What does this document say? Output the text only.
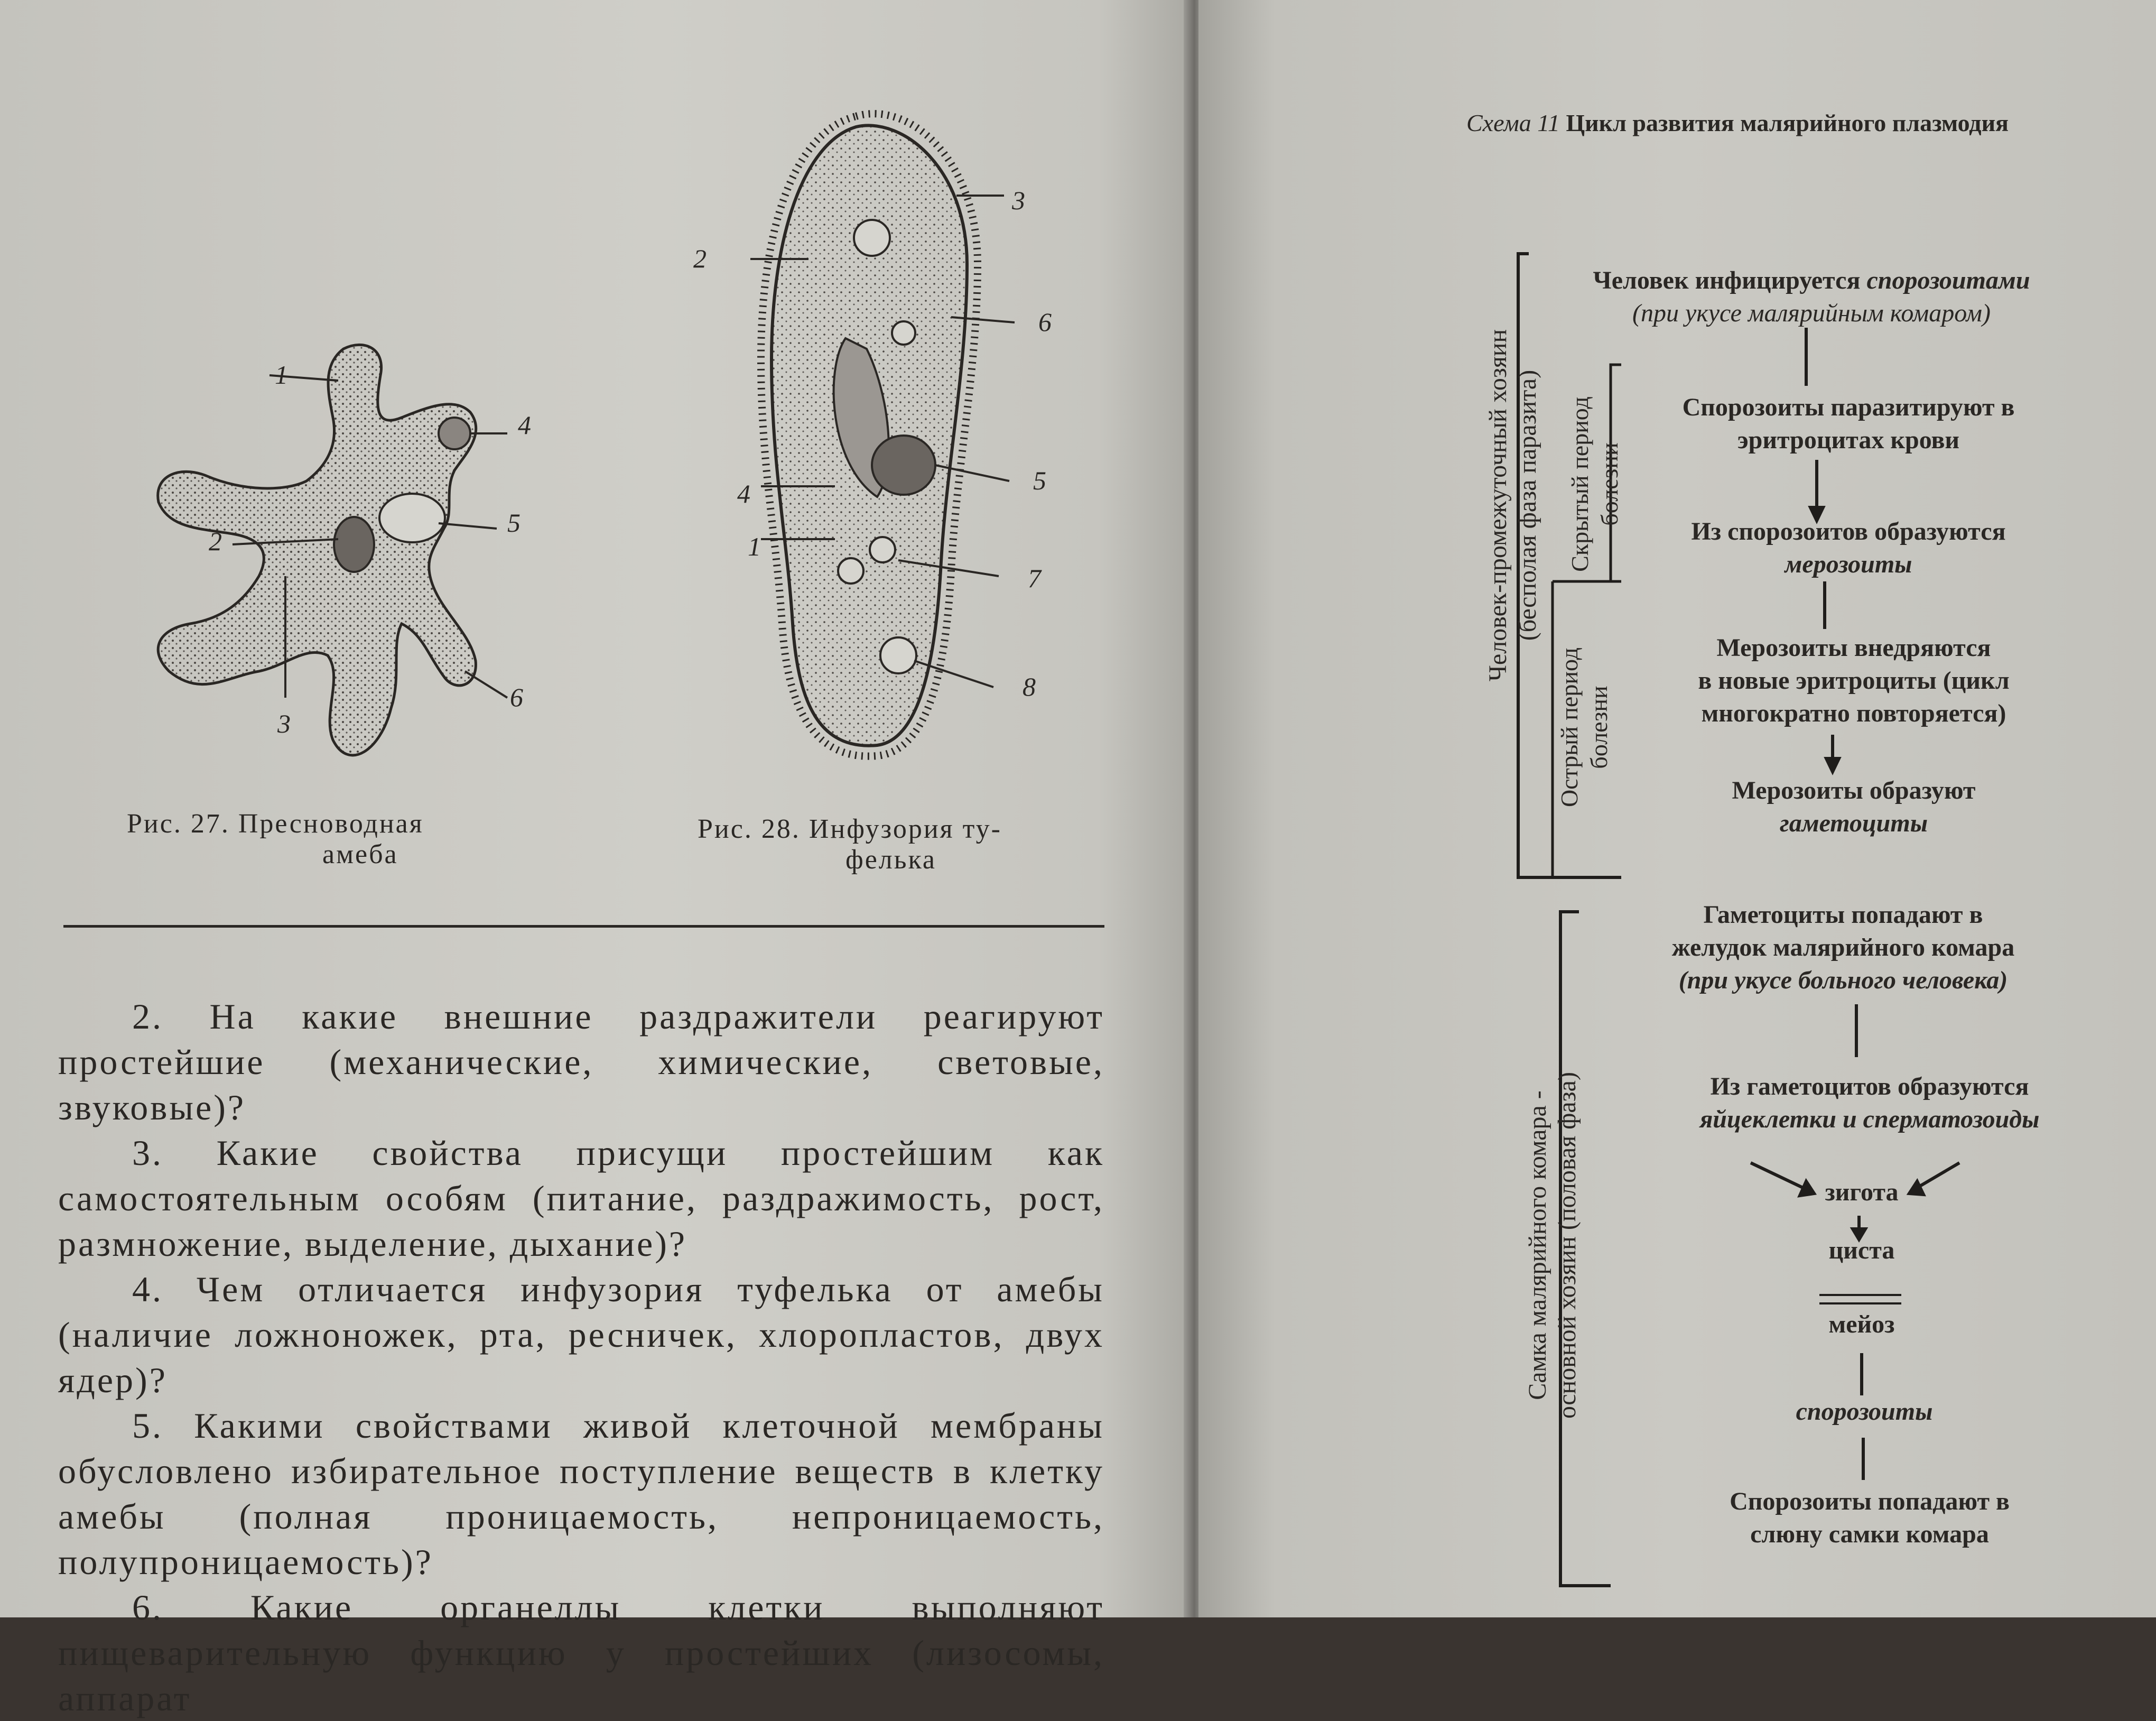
1
2
3
4
5
6
Рис. 27. Пресноводная
амеба
2
3
6
4	5
1
7
8
Рис. 28. Инфузория ту-
фелька

2. На какие внешние раздражители реагируют простейшие (механические, химические, световые, звуковые)?

3. Какие свойства присущи простейшим как самостоятельным особям (питание, раздражимость, рост, размножение, выделение, дыхание)?

4. Чем отличается инфузория туфелька от амебы (наличие ложноножек, рта, ресничек, хлоропластов, двух ядер)?

5. Какими свойствами живой клеточной мембраны обусловлено избирательное поступление веществ в клетку амебы (полная проницаемость, непроницаемость, полупроницаемость)?

6. Какие органеллы клетки выполняют пищеварительную функцию у простейших (лизосомы, аппарат

Схема 11 Цикл развития малярийного плазмодия
Человек-промежуточный хозяин (бесполая фаза паразита) Скрытый период болезни
Острый период болезни
Самка малярийного комара - основной хозяин (половая фаза)
Человек инфицируется спорозоитами
(при укусе малярийным комаром)
Спорозоиты паразитируют в
эритроцитах крови
Из спорозоитов образуются
мерозоиты
Мерозоиты внедряются
в новые эритроциты (цикл
многократно повторяется)
Мерозоиты образуют
гаметоциты
Гаметоциты попадают в
желудок малярийного комара
(при укусе больного человека)
Из гаметоцитов образуются
яйцеклетки и сперматозоиды
зигота
циста
мейоз
спорозоиты
Спорозоиты попадают в
слюну самки комара
